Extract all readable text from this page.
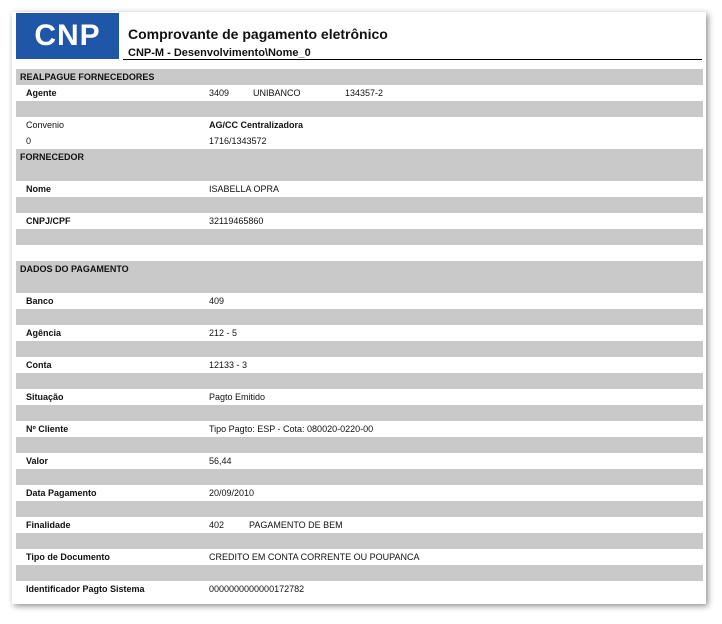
CNP	Comprovante de pagamento eletrônico
CNP-M - Desenvolvimento\Nome_0
REALPAGUE FORNECEDORES
Agente	3409	UNIBANCO	134357-2
Convenio	AG/CC Centralizadora
0	1716/1343572
FORNECEDOR
Nome	ISABELLA OPRA
CNPJ/CPF	32119465860
DADOS DO PAGAMENTO
Banco	409
Agência	212 - 5
Conta	12133 - 3
Situação	Pagto Emitido
Nº Cliente	Tipo Pagto: ESP - Cota: 080020-0220-00
Valor	56,44
Data Pagamento	20/09/2010
Finalidade	402	PAGAMENTO DE BEM
Tipo de Documento	CREDITO EM CONTA CORRENTE OU POUPANCA
Identificador Pagto Sistema	0000000000000172782
